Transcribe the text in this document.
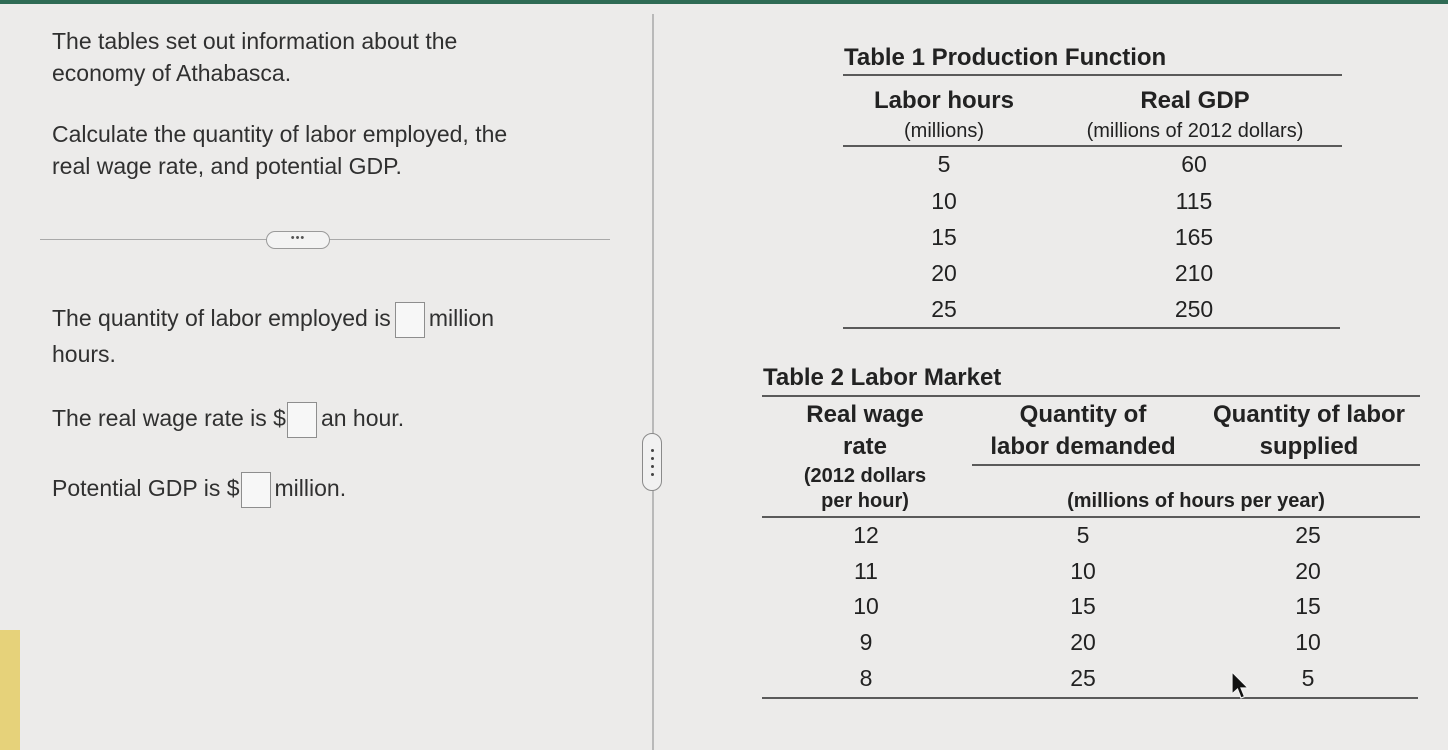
The tables set out information about the
economy of Athabasca.
Calculate the quantity of labor employed, the
real wage rate, and potential GDP.
•••
The quantity of labor employed is million
hours.
The real wage rate is $ an hour.
Potential GDP is $ million.
Table 1 Production Function
Labor hours
(millions)
Real GDP
(millions of 2012 dollars)
5	60
10	115
15	165
20	210
25	250
Table 2 Labor Market
Real wage
rate
(2012 dollars
per hour)
Quantity of
labor demanded
Quantity of labor
supplied
(millions of hours per year)
12	5	25
11	10	20
10	15	15
9	20	10
8	25	5
